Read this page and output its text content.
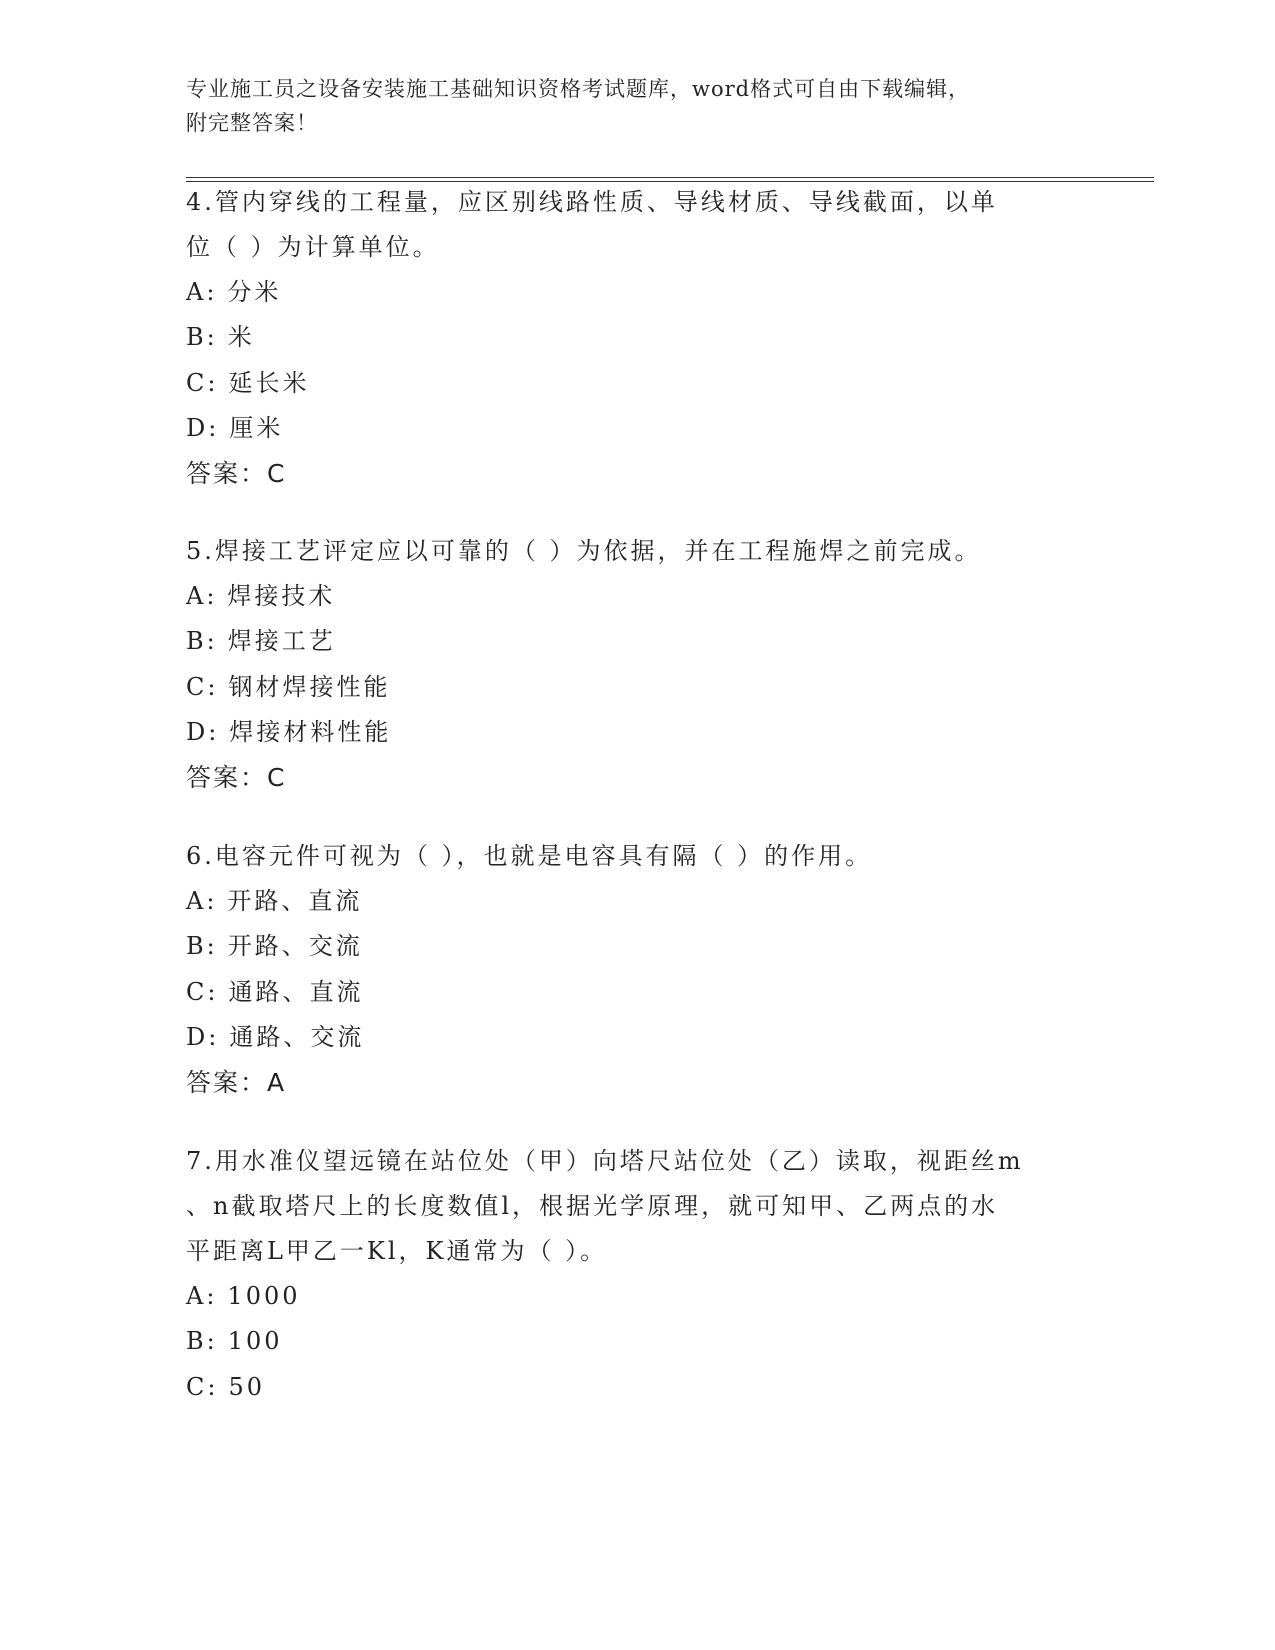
专业施工员之设备安装施工基础知识资格考试题库，word格式可自由下载编辑，
附完整答案！

4.管内穿线的工程量，应区别线路性质、导线材质、导线截面，以单

位（ ）为计算单位。

A: 分米

B: 米

C: 延长米

D: 厘米

答案：C

5.焊接工艺评定应以可靠的（ ）为依据，并在工程施焊之前完成。

A: 焊接技术

B: 焊接工艺

C: 钢材焊接性能

D: 焊接材料性能

答案：C

6.电容元件可视为（ ），也就是电容具有隔（ ）的作用。

A: 开路、直流

B: 开路、交流

C: 通路、直流

D: 通路、交流

答案：A

7.用水准仪望远镜在站位处（甲）向塔尺站位处（乙）读取，视距丝m

、n截取塔尺上的长度数值l，根据光学原理，就可知甲、乙两点的水

平距离L甲乙一Kl，K通常为（ ）。

A: 1000

B: 100

C: 50
